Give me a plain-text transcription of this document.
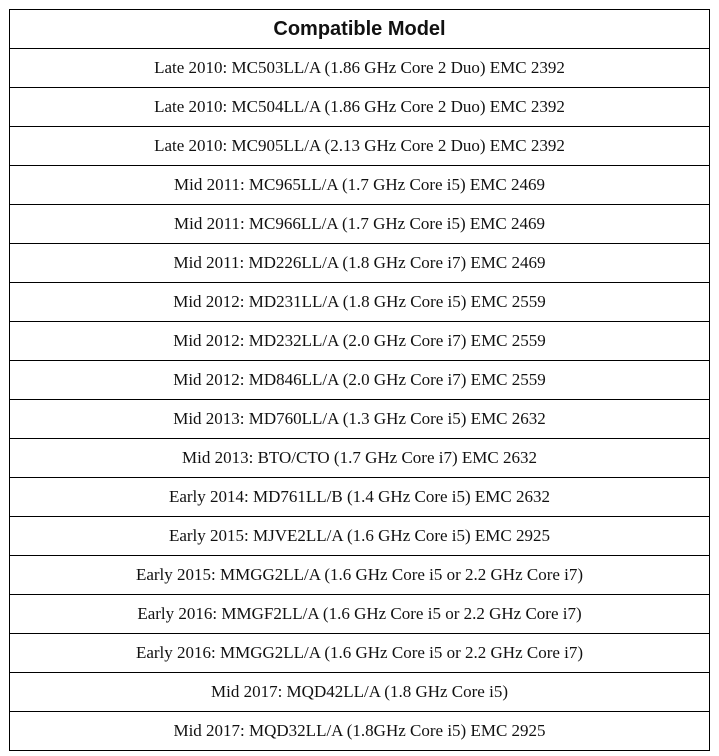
Compatible Model
Late 2010: MC503LL/A (1.86 GHz Core 2 Duo) EMC 2392
Late 2010: MC504LL/A (1.86 GHz Core 2 Duo) EMC 2392
Late 2010: MC905LL/A (2.13 GHz Core 2 Duo) EMC 2392
Mid 2011: MC965LL/A (1.7 GHz Core i5) EMC 2469
Mid 2011: MC966LL/A (1.7 GHz Core i5) EMC 2469
Mid 2011: MD226LL/A (1.8 GHz Core i7) EMC 2469
Mid 2012: MD231LL/A (1.8 GHz Core i5) EMC 2559
Mid 2012: MD232LL/A (2.0 GHz Core i7) EMC 2559
Mid 2012: MD846LL/A (2.0 GHz Core i7) EMC 2559
Mid 2013: MD760LL/A (1.3 GHz Core i5) EMC 2632
Mid 2013: BTO/CTO (1.7 GHz Core i7) EMC 2632
Early 2014: MD761LL/B (1.4 GHz Core i5) EMC 2632
Early 2015: MJVE2LL/A (1.6 GHz Core i5) EMC 2925
Early 2015: MMGG2LL/A (1.6 GHz Core i5 or 2.2 GHz Core i7)
Early 2016: MMGF2LL/A (1.6 GHz Core i5 or 2.2 GHz Core i7)
Early 2016: MMGG2LL/A (1.6 GHz Core i5 or 2.2 GHz Core i7)
Mid 2017: MQD42LL/A (1.8 GHz Core i5)
Mid 2017: MQD32LL/A (1.8GHz Core i5) EMC 2925
